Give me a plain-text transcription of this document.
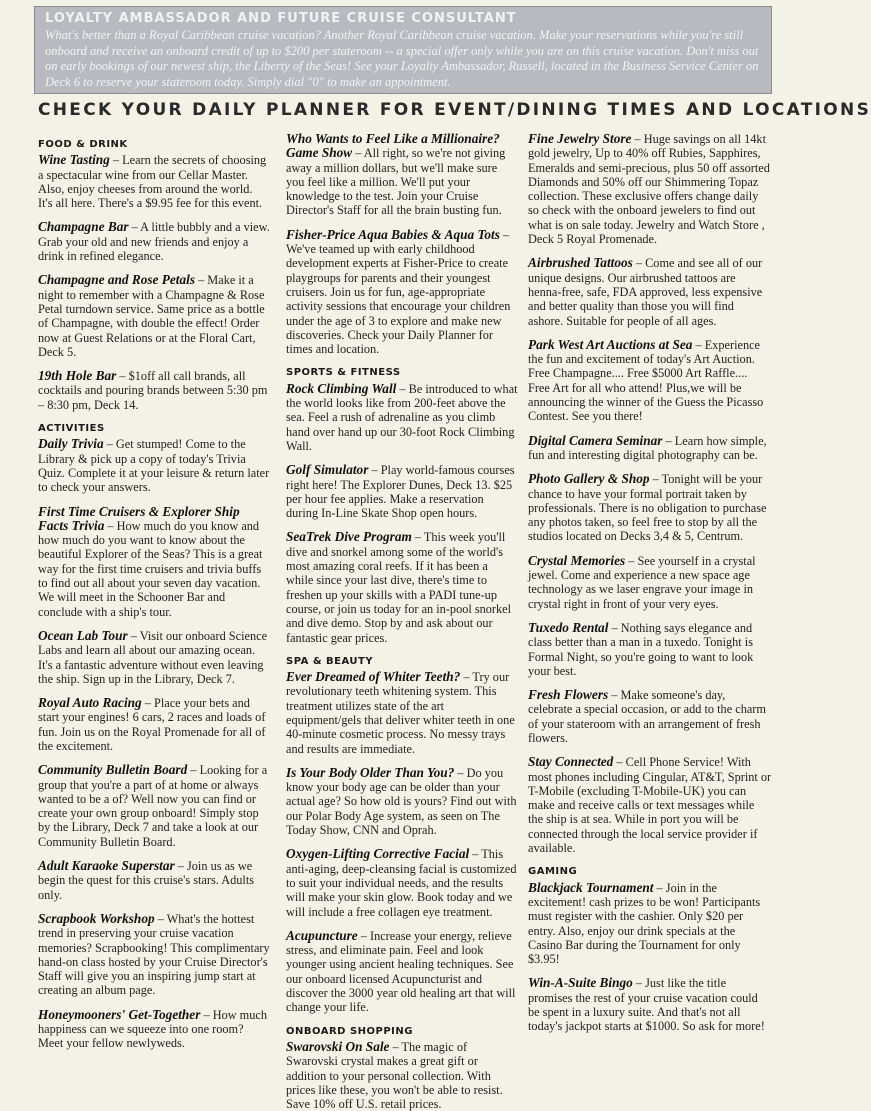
LOYALTY AMBASSADOR AND FUTURE CRUISE CONSULTANT
What's better than a Royal Caribbean cruise vacation? Another Royal Caribbean cruise vacation. Make your reservations while you're still onboard and receive an onboard credit of up to $200 per stateroom -- a special offer only while you are on this cruise vacation. Don't miss out on early bookings of our newest ship, the Liberty of the Seas! See your Loyalty Ambassador, Russell, located in the Business Service Center on Deck 6 to reserve your stateroom today. Simply dial "0" to make an appointment.
CHECK YOUR DAILY PLANNER FOR EVENT/DINING TIMES AND LOCATIONS
FOOD & DRINK
Wine Tasting – Learn the secrets of choosing a spectacular wine from our Cellar Master. Also, enjoy cheeses from around the world. It's all here. There's a $9.95 fee for this event.
Champagne Bar – A little bubbly and a view. Grab your old and new friends and enjoy a drink in refined elegance.
Champagne and Rose Petals – Make it a night to remember with a Champagne & Rose Petal turndown service. Same price as a bottle of Champagne, with double the effect! Order now at Guest Relations or at the Floral Cart, Deck 5.
19th Hole Bar – $1off all call brands, all cocktails and pouring brands between 5:30 pm – 8:30 pm, Deck 14.
ACTIVITIES
Daily Trivia – Get stumped! Come to the Library & pick up a copy of today's Trivia Quiz. Complete it at your leisure & return later to check your answers.
First Time Cruisers & Explorer Ship Facts Trivia – How much do you know and how much do you want to know about the beautiful Explorer of the Seas? This is a great way for the first time cruisers and trivia buffs to find out all about your seven day vacation. We will meet in the Schooner Bar and conclude with a ship's tour.
Ocean Lab Tour – Visit our onboard Science Labs and learn all about our amazing ocean. It's a fantastic adventure without even leaving the ship. Sign up in the Library, Deck 7.
Royal Auto Racing – Place your bets and start your engines! 6 cars, 2 races and loads of fun. Join us on the Royal Promenade for all of the excitement.
Community Bulletin Board – Looking for a group that you're a part of at home or always wanted to be a of? Well now you can find or create your own group onboard! Simply stop by the Library, Deck 7 and take a look at our Community Bulletin Board.
Adult Karaoke Superstar – Join us as we begin the quest for this cruise's stars. Adults only.
Scrapbook Workshop – What's the hottest trend in preserving your cruise vacation memories? Scrapbooking! This complimentary hand-on class hosted by your Cruise Director's Staff will give you an inspiring jump start at creating an album page.
Honeymooners' Get-Together – How much happiness can we squeeze into one room? Meet your fellow newlyweds.
Who Wants to Feel Like a Millionaire? Game Show – All right, so we're not giving away a million dollars, but we'll make sure you feel like a million. We'll put your knowledge to the test. Join your Cruise Director's Staff for all the brain busting fun.
Fisher-Price Aqua Babies & Aqua Tots – We've teamed up with early childhood development experts at Fisher-Price to create playgroups for parents and their youngest cruisers. Join us for fun, age-appropriate activity sessions that encourage your children under the age of 3 to explore and make new discoveries. Check your Daily Planner for times and location.
SPORTS & FITNESS
Rock Climbing Wall – Be introduced to what the world looks like from 200-feet above the sea. Feel a rush of adrenaline as you climb hand over hand up our 30-foot Rock Climbing Wall.
Golf Simulator – Play world-famous courses right here! The Explorer Dunes, Deck 13. $25 per hour fee applies. Make a reservation during In-Line Skate Shop open hours.
SeaTrek Dive Program – This week you'll dive and snorkel among some of the world's most amazing coral reefs. If it has been a while since your last dive, there's time to freshen up your skills with a PADI tune-up course, or join us today for an in-pool snorkel and dive demo. Stop by and ask about our fantastic gear prices.
SPA & BEAUTY
Ever Dreamed of Whiter Teeth? – Try our revolutionary teeth whitening system. This treatment utilizes state of the art equipment/gels that deliver whiter teeth in one 40-minute cosmetic process. No messy trays and results are immediate.
Is Your Body Older Than You? – Do you know your body age can be older than your actual age? So how old is yours? Find out with our Polar Body Age system, as seen on The Today Show, CNN and Oprah.
Oxygen-Lifting Corrective Facial – This anti-aging, deep-cleansing facial is customized to suit your individual needs, and the results will make your skin glow. Book today and we will include a free collagen eye treatment.
Acupuncture – Increase your energy, relieve stress, and eliminate pain. Feel and look younger using ancient healing techniques. See our onboard licensed Acupuncturist and discover the 3000 year old healing art that will change your life.
ONBOARD SHOPPING
Swarovski On Sale – The magic of Swarovski crystal makes a great gift or addition to your personal collection. With prices like these, you won't be able to resist. Save 10% off U.S. retail prices.
Fine Jewelry Store – Huge savings on all 14kt gold jewelry, Up to 40% off Rubies, Sapphires, Emeralds and semi-precious, plus 50 off assorted Diamonds and 50% off our Shimmering Topaz collection. These exclusive offers change daily so check with the onboard jewelers to find out what is on sale today. Jewelry and Watch Store , Deck 5 Royal Promenade.
Airbrushed Tattoos – Come and see all of our unique designs. Our airbrushed tattoos are henna-free, safe, FDA approved, less expensive and better quality than those you will find ashore. Suitable for people of all ages.
Park West Art Auctions at Sea – Experience the fun and excitement of today's Art Auction. Free Champagne.... Free $5000 Art Raffle.... Free Art for all who attend! Plus,we will be announcing the winner of the Guess the Picasso Contest. See you there!
Digital Camera Seminar – Learn how simple, fun and interesting digital photography can be.
Photo Gallery & Shop – Tonight will be your chance to have your formal portrait taken by professionals. There is no obligation to purchase any photos taken, so feel free to stop by all the studios located on Decks 3,4 & 5, Centrum.
Crystal Memories – See yourself in a crystal jewel. Come and experience a new space age technology as we laser engrave your image in crystal right in front of your very eyes.
Tuxedo Rental – Nothing says elegance and class better than a man in a tuxedo. Tonight is Formal Night, so you're going to want to look your best.
Fresh Flowers – Make someone's day, celebrate a special occasion, or add to the charm of your stateroom with an arrangement of fresh flowers.
Stay Connected – Cell Phone Service! With most phones including Cingular, AT&T, Sprint or T-Mobile (excluding T-Mobile-UK) you can make and receive calls or text messages while the ship is at sea. While in port you will be connected through the local service provider if available.
GAMING
Blackjack Tournament – Join in the excitement! cash prizes to be won! Participants must register with the cashier. Only $20 per entry. Also, enjoy our drink specials at the Casino Bar during the Tournament for only $3.95!
Win-A-Suite Bingo – Just like the title promises the rest of your cruise vacation could be spent in a luxury suite. And that's not all today's jackpot starts at $1000. So ask for more!
